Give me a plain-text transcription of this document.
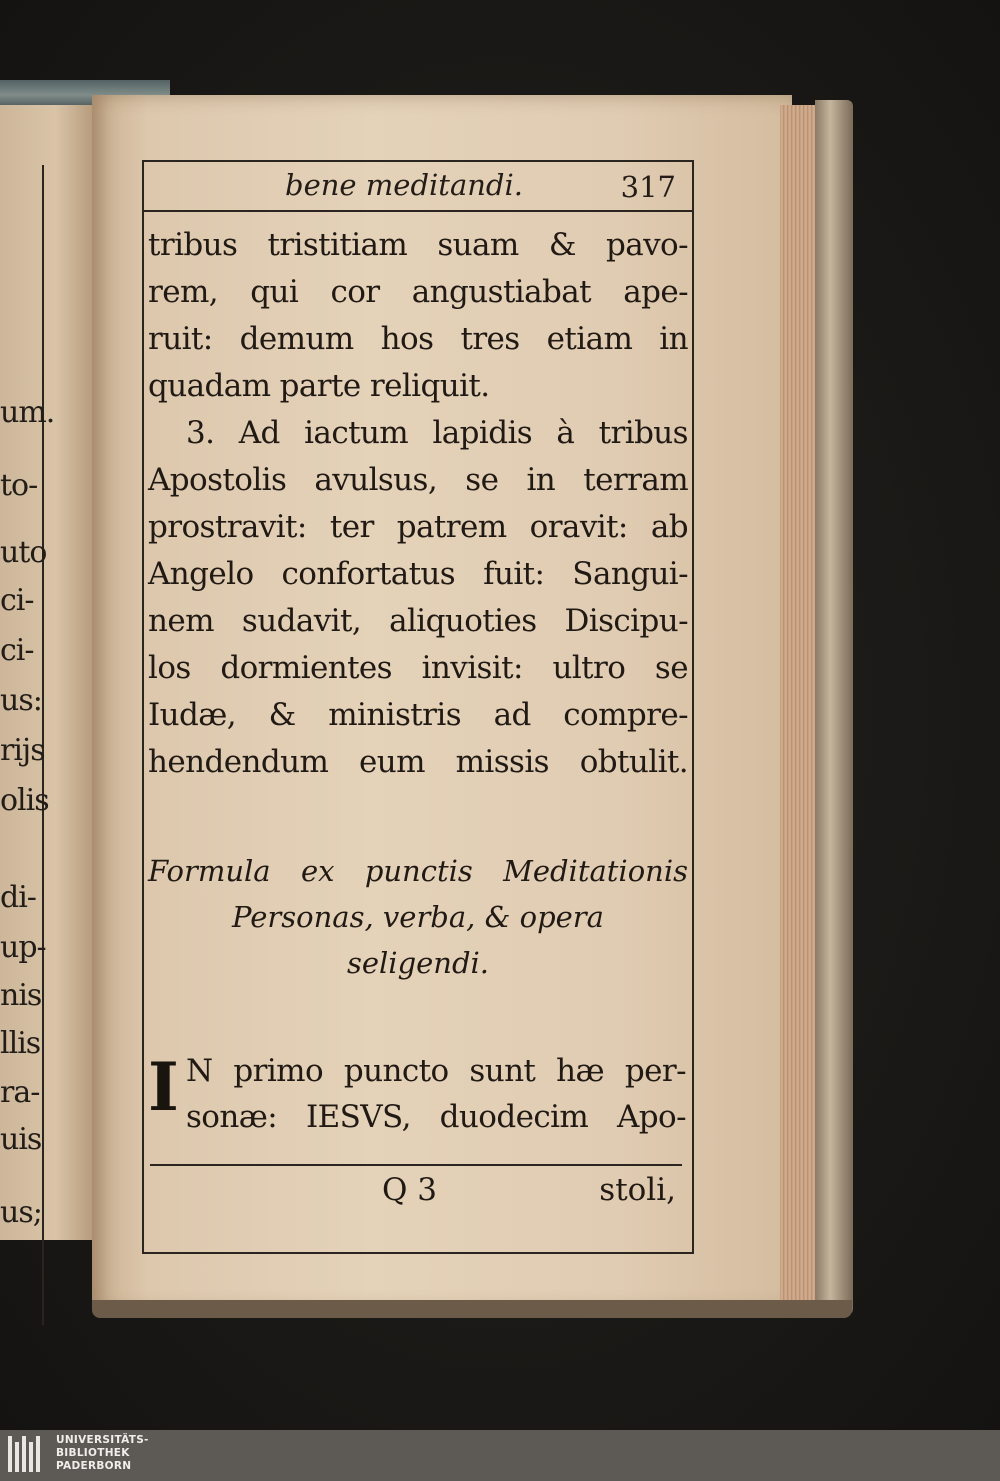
um.
to-
uto
ci-
ci-
us:
rijs
olis
di-
up-
nis
llis
ra-
uis
us;
bene meditandi.	317
tribus tristitiam suam & pavo-
rem, qui cor angustiabat ape-
ruit: demum hos tres etiam in
quadam parte reliquit.
3. Ad iactum lapidis à tribus
Apostolis avulsus, se in terram
prostravit: ter patrem oravit: ab
Angelo confortatus fuit: Sangui-
nem sudavit, aliquoties Discipu-
los dormientes invisit: ultro se
Iudæ, & ministris ad compre-
hendendum eum missis obtulit.
Formula ex punctis Meditationis
Personas, verba, & opera
seligendi.
I N primo puncto sunt hæ per-
sonæ: IESVS, duodecim Apo-
Q 3	stoli,
UNIVERSITÄTS-
BIBLIOTHEK
PADERBORN
